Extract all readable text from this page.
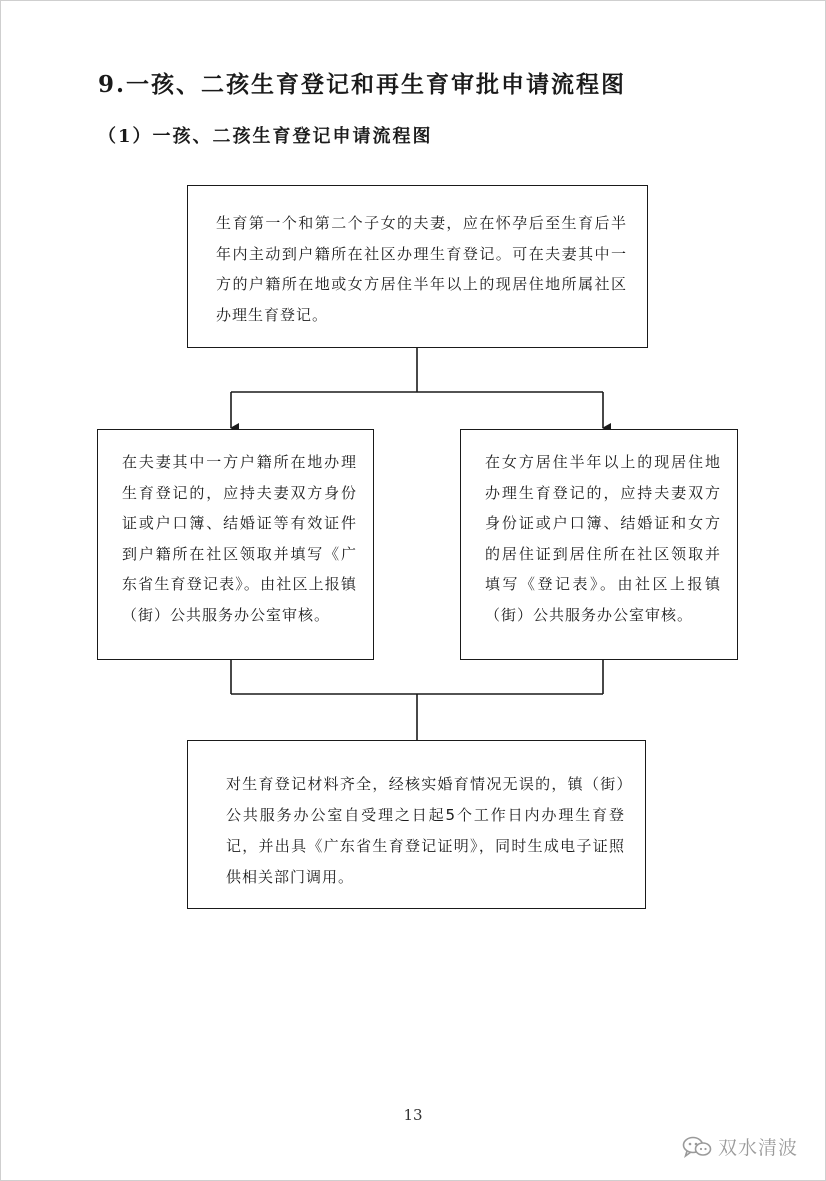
9.一孩、二孩生育登记和再生育审批申请流程图
（1）一孩、二孩生育登记申请流程图

生育第一个和第二个子女的夫妻，应在怀孕后至生育后半年内主动到户籍所在社区办理生育登记。可在夫妻其中一方的户籍所在地或女方居住半年以上的现居住地所属社区办理生育登记。

在夫妻其中一方户籍所在地办理生育登记的，应持夫妻双方身份证或户口簿、结婚证等有效证件到户籍所在社区领取并填写《广东省生育登记表》。由社区上报镇（街）公共服务办公室审核。

在女方居住半年以上的现居住地办理生育登记的，应持夫妻双方身份证或户口簿、结婚证和女方的居住证到居住所在社区领取并填写《登记表》。由社区上报镇（街）公共服务办公室审核。

对生育登记材料齐全，经核实婚育情况无误的，镇（街）公共服务办公室自受理之日起5个工作日内办理生育登记，并出具《广东省生育登记证明》，同时生成电子证照供相关部门调用。

13
双水清波
